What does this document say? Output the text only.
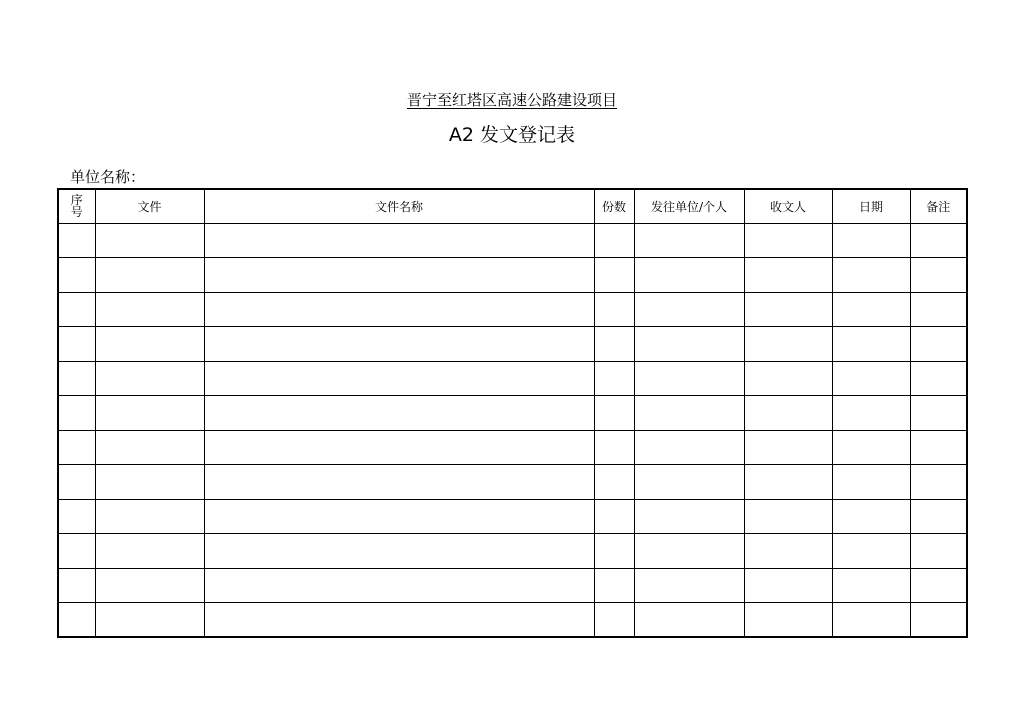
晋宁至红塔区高速公路建设项目
A2 发文登记表
单位名称：
序号	文件	文件名称	份数	发往单位/个人	收文人	日期	备注
